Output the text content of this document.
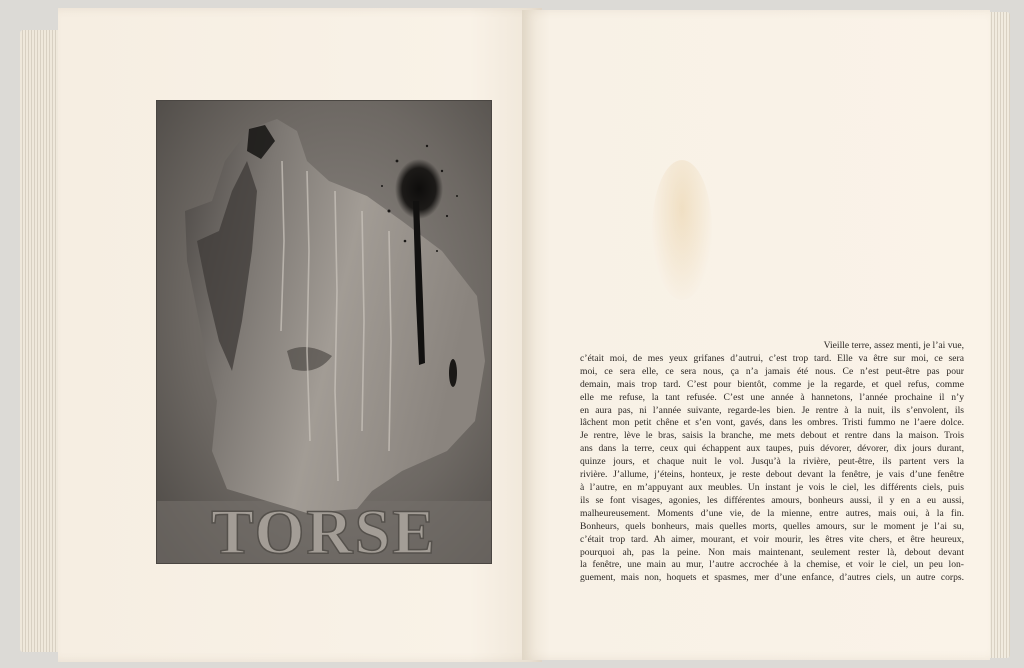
TORSE
Vieille terre, assez menti, je l’ai vue,
c’était moi, de mes yeux grifanes d’autrui, c’est trop tard. Elle va être sur moi, ce sera
moi, ce sera elle, ce sera nous, ça n’a jamais été nous. Ce n’est peut-être pas pour
demain, mais trop tard. C’est pour bientôt, comme je la regarde, et quel refus, comme
elle me refuse, la tant refusée. C’est une année à hannetons, l’année prochaine il n’y
en aura pas, ni l’année suivante, regarde-les bien. Je rentre à la nuit, ils s’envolent, ils
lâchent mon petit chêne et s’en vont, gavés, dans les ombres. Tristi fummo ne l’aere dolce.
Je rentre, lève le bras, saisis la branche, me mets debout et rentre dans la maison. Trois
ans dans la terre, ceux qui échappent aux taupes, puis dévorer, dévorer, dix jours durant,
quinze jours, et chaque nuit le vol. Jusqu’à la rivière, peut-être, ils partent vers la
rivière. J’allume, j’éteins, honteux, je reste debout devant la fenêtre, je vais d’une fenêtre
à l’autre, en m’appuyant aux meubles. Un instant je vois le ciel, les différents ciels, puis
ils se font visages, agonies, les différentes amours, bonheurs aussi, il y en a eu aussi,
malheureusement. Moments d’une vie, de la mienne, entre autres, mais oui, à la fin.
Bonheurs, quels bonheurs, mais quelles morts, quelles amours, sur le moment je l’ai su,
c’était trop tard. Ah aimer, mourant, et voir mourir, les êtres vite chers, et être heureux,
pourquoi ah, pas la peine. Non mais maintenant, seulement rester là, debout devant
la fenêtre, une main au mur, l’autre accrochée à la chemise, et voir le ciel, un peu lon-
guement, mais non, hoquets et spasmes, mer d’une enfance, d’autres ciels, un autre corps.
